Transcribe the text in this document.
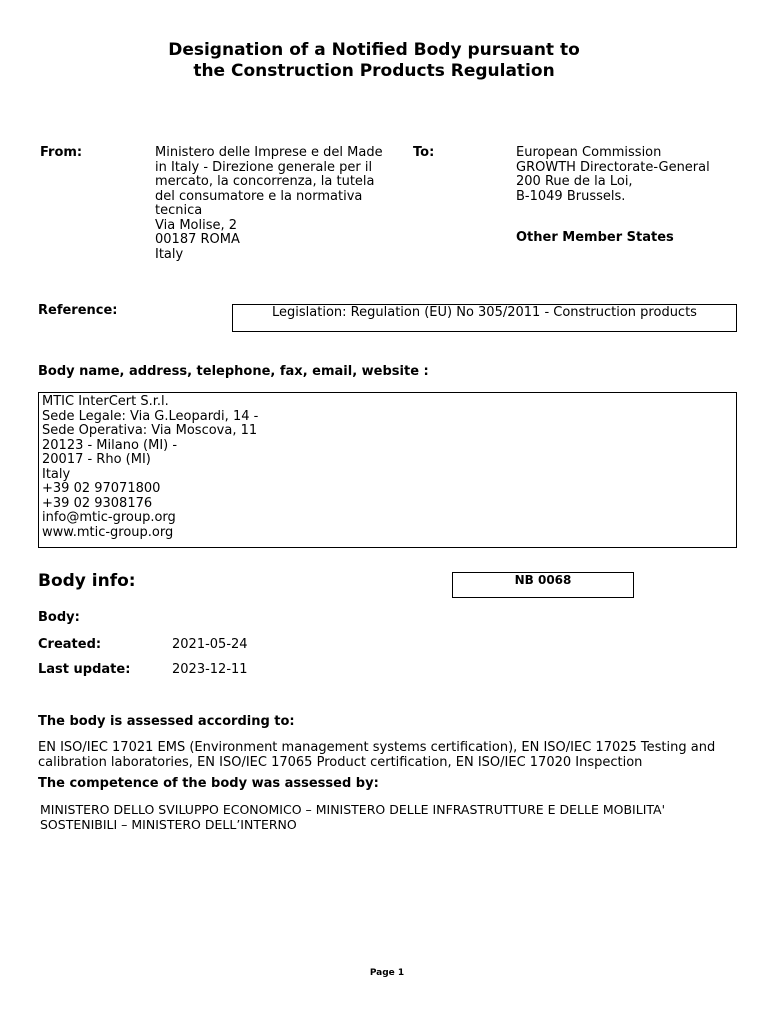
Designation of a Notified Body pursuant to
the Construction Products Regulation
From:	Ministero delle Imprese e del Made
in Italy - Direzione generale per il
mercato, la concorrenza, la tutela
del consumatore e la normativa
tecnica
Via Molise, 2
00187 ROMA
Italy
To:	European Commission
GROWTH Directorate-General
200 Rue de la Loi,
B-1049 Brussels.
Other Member States
Reference:	Legislation: Regulation (EU) No 305/2011 - Construction products
Body name, address, telephone, fax, email, website :
MTIC InterCert S.r.l.
Sede Legale: Via G.Leopardi, 14 -
Sede Operativa: Via Moscova, 11
20123 - Milano (MI) -
20017 - Rho (MI)
Italy
+39 02 97071800
+39 02 9308176
info@mtic-group.org
www.mtic-group.org
Body info:	NB 0068
Body:
Created:	2021-05-24
Last update:	2023-12-11
The body is assessed according to:
EN ISO/IEC 17021 EMS (Environment management systems certification), EN ISO/IEC 17025 Testing and
calibration laboratories, EN ISO/IEC 17065 Product certification, EN ISO/IEC 17020 Inspection
The competence of the body was assessed by:
MINISTERO DELLO SVILUPPO ECONOMICO – MINISTERO DELLE INFRASTRUTTURE E DELLE MOBILITA'
SOSTENIBILI – MINISTERO DELL’INTERNO
Page 1
